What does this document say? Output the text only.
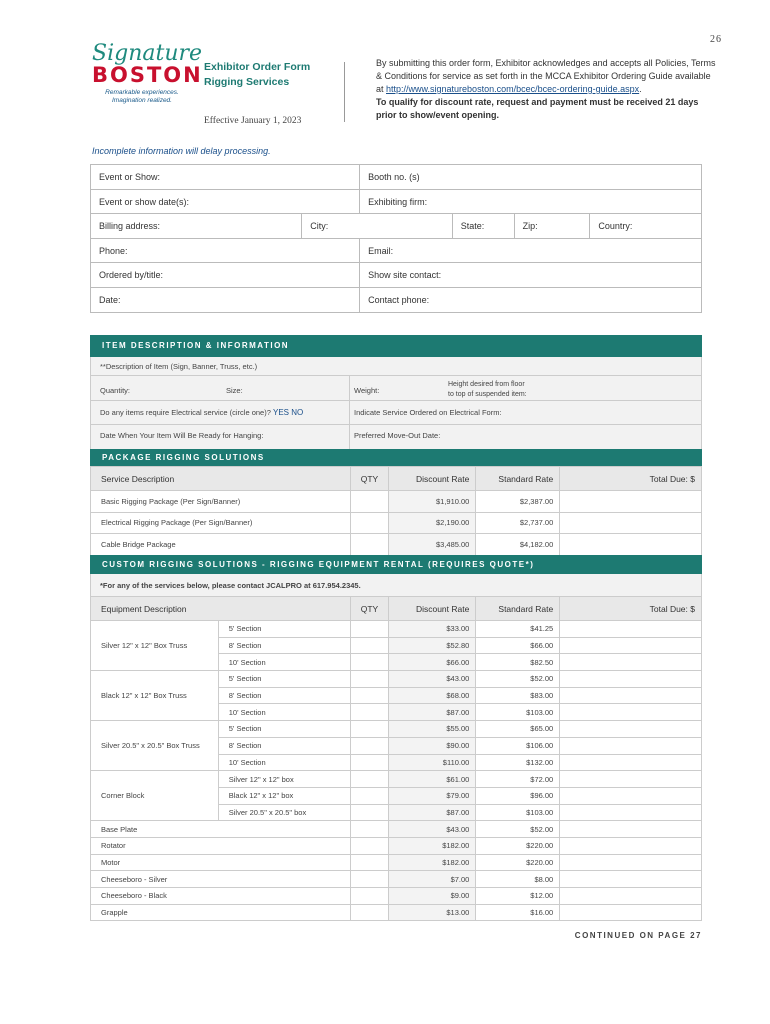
26
Signature
BOSTON
Remarkable experiences.
Imagination realized.
Exhibitor Order Form
Rigging Services
Effective January 1, 2023
By submitting this order form, Exhibitor acknowledges and accepts all Policies, Terms & Conditions for service as set forth in the MCCA Exhibitor Ordering Guide available at http://www.signatureboston.com/bcec/bcec-ordering-guide.aspx.
To qualify for discount rate, request and payment must be received 21 days prior to show/event opening.
Incomplete information will delay processing.
Event or Show:	Booth no. (s)
Event or show date(s):	Exhibiting firm:
Billing address:	City:	State:	Zip:	Country:
Phone:	Email:
Ordered by/title:	Show site contact:
Date:	Contact phone:
ITEM DESCRIPTION & INFORMATION
**Description of Item (Sign, Banner, Truss, etc.)
Quantity:	Size:	Weight:
Height desired from floor
to top of suspended item:
Do any items require Electrical service (circle one)? YES NO	Indicate Service Ordered on Electrical Form:
Date When Your Item Will Be Ready for Hanging:	Preferred Move-Out Date:
PACKAGE RIGGING SOLUTIONS
Service Description	QTY	Discount Rate	Standard Rate	Total Due: $
Basic Rigging Package (Per Sign/Banner)		$1,910.00	$2,387.00	
Electrical Rigging Package (Per Sign/Banner)		$2,190.00	$2,737.00	
Cable Bridge Package		$3,485.00	$4,182.00	
CUSTOM RIGGING SOLUTIONS - RIGGING EQUIPMENT RENTAL (REQUIRES QUOTE*)
*For any of the services below, please contact JCALPRO at 617.954.2345.
Equipment Description		QTY	Discount Rate	Standard Rate	Total Due: $
Silver 12" x 12" Box Truss	5' Section		$33.00	$41.25	
	8' Section		$52.80	$66.00	
	10' Section		$66.00	$82.50	
Black 12" x 12" Box Truss	5' Section		$43.00	$52.00	
	8' Section		$68.00	$83.00	
	10' Section		$87.00	$103.00	
Silver 20.5" x 20.5" Box Truss	5' Section		$55.00	$65.00	
	8' Section		$90.00	$106.00	
	10' Section		$110.00	$132.00	
Corner Block	Silver 12" x 12" box		$61.00	$72.00	
	Black 12" x 12" box		$79.00	$96.00	
	Silver 20.5" x 20.5" box		$87.00	$103.00	
Base Plate			$43.00	$52.00	
Rotator			$182.00	$220.00	
Motor			$182.00	$220.00	
Cheeseboro - Silver			$7.00	$8.00	
Cheeseboro - Black			$9.00	$12.00	
Grapple			$13.00	$16.00	
CONTINUED ON PAGE 27
